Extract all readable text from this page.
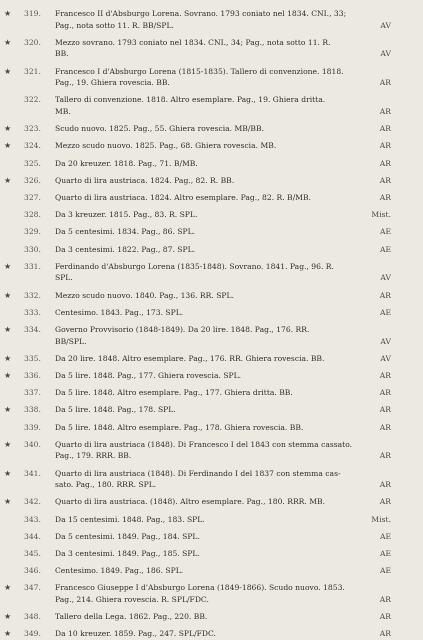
★ 319.	Francesco II d'Absburgo Lorena. Sovrano. 1793 coniato nel 1834. CNI., 33;
Pag., nota sotto 11. R. BB/SPL.	AV
★ 320.	Mezzo sovrano. 1793 coniato nel 1834. CNI., 34; Pag., nota sotto 11. R.
BB.	AV
★ 321.	Francesco I d'Absburgo Lorena (1815-1835). Tallero di convenzione. 1818.
Pag., 19. Ghiera rovescia. BB.	AR
322.	Tallero di convenzione. 1818. Altro esemplare. Pag., 19. Ghiera dritta.
MB.	AR
★ 323.	Scudo nuovo. 1825. Pag., 55. Ghiera rovescia. MB/BB.	AR
★ 324.	Mezzo scudo nuovo. 1825. Pag., 68. Ghiera rovescia. MB.	AR
325.	Da 20 kreuzer. 1818. Pag., 71. B/MB.	AR
★ 326.	Quarto di lira austriaca. 1824. Pag., 82. R. BB.	AR
327.	Quarto di lira austriaca. 1824. Altro esemplare. Pag., 82. R. B/MB.	AR
328.	Da 3 kreuzer. 1815. Pag., 83. R. SPL.	Mist.
329.	Da 5 centesimi. 1834. Pag., 86. SPL.	AE
330.	Da 3 centesimi. 1822. Pag., 87. SPL.	AE
★ 331.	Ferdinando d'Absburgo Lorena (1835-1848). Sovrano. 1841. Pag., 96. R.
SPL.	AV
★ 332.	Mezzo scudo nuovo. 1840. Pag., 136. RR. SPL.	AR
333.	Centesimo. 1843. Pag., 173. SPL.	AE
★ 334.	Governo Provvisorio (1848-1849). Da 20 lire. 1848. Pag., 176. RR.
BB/SPL.	AV
★ 335.	Da 20 lire. 1848. Altro esemplare. Pag., 176. RR. Ghiera rovescia. BB.	AV
★ 336.	Da 5 lire. 1848. Pag., 177. Ghiera rovescia. SPL.	AR
337.	Da 5 lire. 1848. Altro esemplare. Pag., 177. Ghiera dritta. BB.	AR
★ 338.	Da 5 lire. 1848. Pag., 178. SPL.	AR
339.	Da 5 lire. 1848. Altro esemplare. Pag., 178. Ghiera rovescia. BB.	AR
★ 340.	Quarto di lira austriaca (1848). Di Francesco I del 1843 con stemma cassato.
Pag., 179. RRR. BB.	AR
★ 341.	Quarto di lira austriaca (1848). Di Ferdinando I del 1837 con stemma cas-
sato. Pag., 180. RRR. SPL.	AR
★ 342.	Quarto di lira austriaca. (1848). Altro esemplare. Pag., 180. RRR. MB.	AR
343.	Da 15 centesimi. 1848. Pag., 183. SPL.	Mist.
344.	Da 5 centesimi. 1849. Pag., 184. SPL.	AE
345.	Da 3 centesimi. 1849. Pag., 185. SPL.	AE
346.	Centesimo. 1849. Pag., 186. SPL.	AE
★ 347.	Francesco Giuseppe I d'Absburgo Lorena (1849-1866). Scudo nuovo. 1853.
Pag., 214. Ghiera rovescia. R. SPL/FDC.	AR
★ 348.	Tallero della Lega. 1862. Pag., 220. BB.	AR
★ 349.	Da 10 kreuzer. 1859. Pag., 247. SPL/FDC.	AR
